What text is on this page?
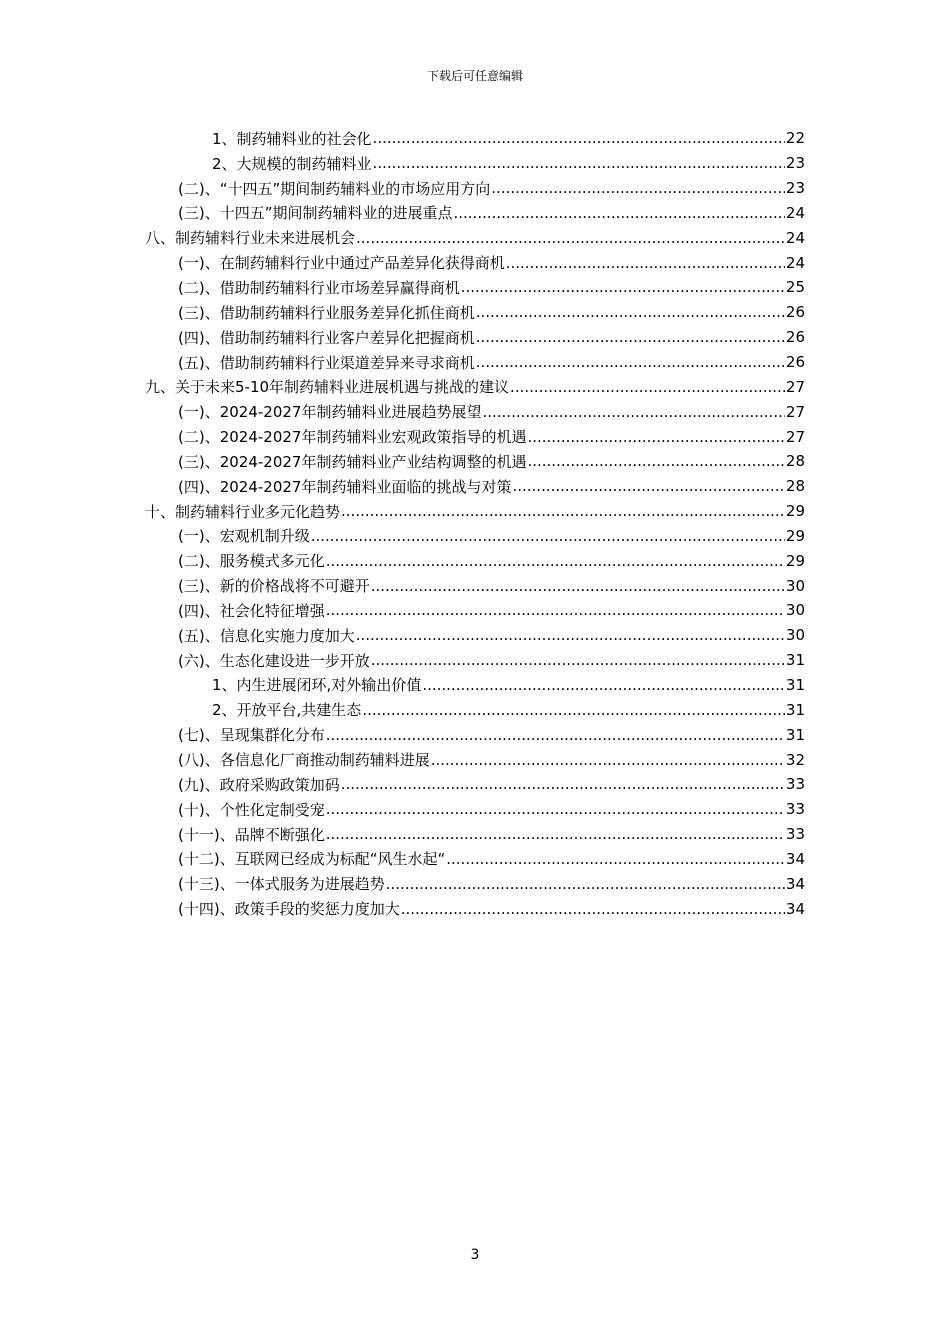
下载后可任意编辑
1、制药辅料业的社会化 .....	22
2、大规模的制药辅料业 .....	23
(二)、“十四五”期间制药辅料业的市场应用方向 .....	23
(三)、十四五”期间制药辅料业的进展重点 .....	24
八、制药辅料行业未来进展机会 .....	24
(一)、在制药辅料行业中通过产品差异化获得商机 .....	24
(二)、借助制药辅料行业市场差异赢得商机 .....	25
(三)、借助制药辅料行业服务差异化抓住商机 .....	26
(四)、借助制药辅料行业客户差异化把握商机 .....	26
(五)、借助制药辅料行业渠道差异来寻求商机 .....	26
九、关于未来5-10年制药辅料业进展机遇与挑战的建议 .....	27
(一)、2024-2027年制药辅料业进展趋势展望 .....	27
(二)、2024-2027年制药辅料业宏观政策指导的机遇 .....	27
(三)、2024-2027年制药辅料业产业结构调整的机遇 .....	28
(四)、2024-2027年制药辅料业面临的挑战与对策 .....	28
十、制药辅料行业多元化趋势 .....	29
(一)、宏观机制升级 .....	29
(二)、服务模式多元化 .....	29
(三)、新的价格战将不可避开 .....	30
(四)、社会化特征增强 .....	30
(五)、信息化实施力度加大 .....	30
(六)、生态化建设进一步开放 .....	31
1、内生进展闭环,对外输出价值 .....	31
2、开放平台,共建生态 .....	31
(七)、呈现集群化分布 .....	31
(八)、各信息化厂商推动制药辅料进展 .....	32
(九)、政府采购政策加码 .....	33
(十)、个性化定制受宠 .....	33
(十一)、品牌不断强化 .....	33
(十二)、互联网已经成为标配“风生水起“ .....	34
(十三)、一体式服务为进展趋势 .....	34
(十四)、政策手段的奖惩力度加大 .....	34
3
